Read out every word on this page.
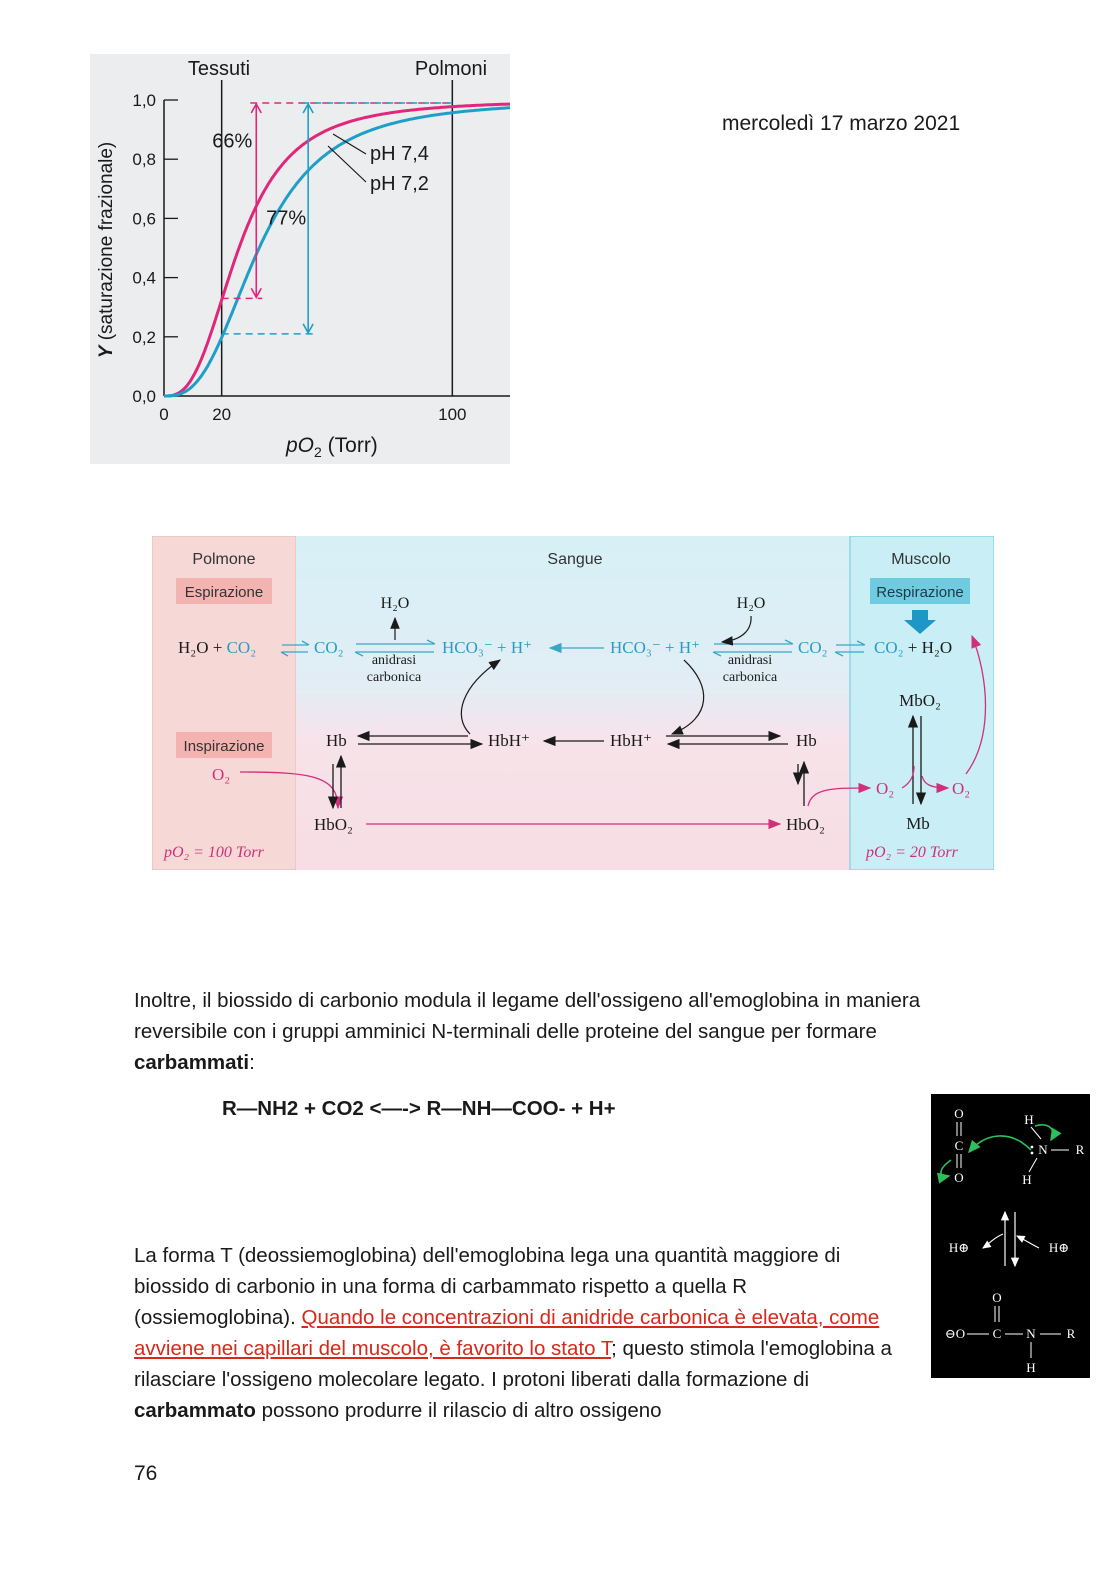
mercoledì 17 marzo 2021
1,0
0,8
0,6
0,4
0,2
0,0
0	20	100
66%
77%
Tessuti	Polmoni
pH 7,4
pH 7,2
$pO_2$ (Torr)
Y (saturazione frazionale)
Polmone	Sangue	Muscolo
Espirazione	Respirazione
Inspirazione
H₂O + CO₂	CO₂
H₂O
anidrasi
carbonica
HCO₃⁻ + H⁺	HCO₃⁻ + H⁺
H₂O
anidrasi
carbonica
CO₂	CO₂ + H₂O
Hb	HbH⁺	HbH⁺	Hb
MbO₂
Mb
O₂
O₂	O₂
HbO₂	HbO₂
pO₂ = 100 Torr	pO₂ = 20 Torr
Inoltre, il biossido di carbonio modula il legame dell'ossigeno all'emoglobina in maniera reversibile con i gruppi amminici N-terminali delle proteine del sangue per formare carbammati:
R—NH2 + CO2 <—-> R—NH—COO- + H+
La forma T (deossiemoglobina) dell'emoglobina lega una quantità maggiore di biossido di carbonio in una forma di carbammato rispetto a quella R (ossiemoglobina). Quando le concentrazioni di anidride carbonica è elevata, come avviene nei capillari del muscolo, è favorito lo stato T; questo stimola l'emoglobina a rilasciare l'ossigeno molecolare legato. I protoni liberati dalla formazione di carbammato possono produrre il rilascio di altro ossigeno
O
C
O
H
N R
H
H⊕	H⊕
O
⊖O C N R
H
76
